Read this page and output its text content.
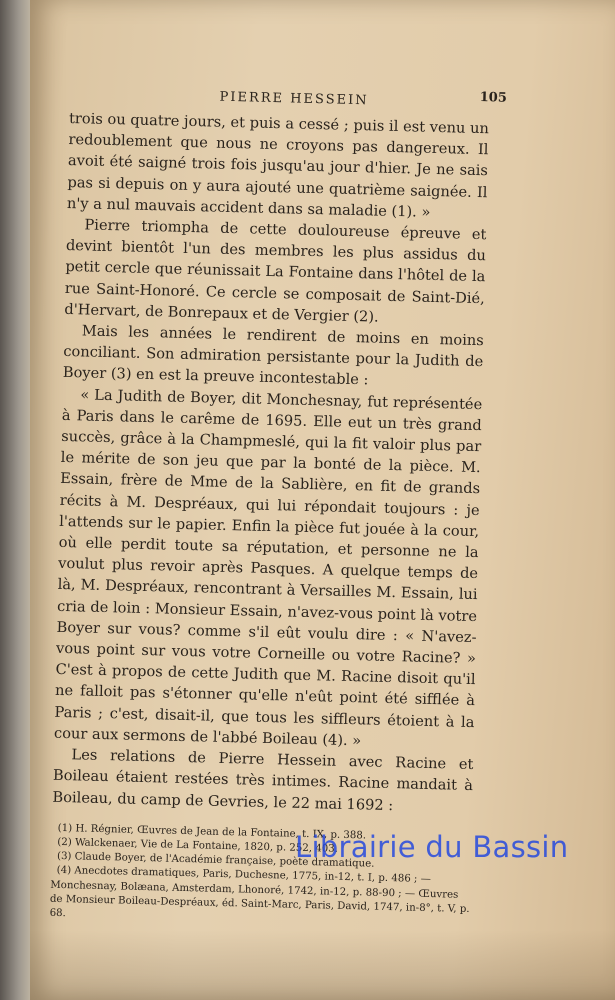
PIERRE HESSEIN	105

trois ou quatre jours, et puis a cessé ; puis il est venu un redoublement que nous ne croyons pas dangereux. Il avoit été saigné trois fois jusqu'au jour d'hier. Je ne sais pas si depuis on y aura ajouté une quatrième saignée. Il n'y a nul mauvais accident dans sa maladie (1). »

Pierre triompha de cette douloureuse épreuve et devint bientôt l'un des membres les plus assidus du petit cercle que réunissait La Fontaine dans l'hôtel de la rue Saint-Honoré. Ce cercle se composait de Saint-Dié, d'Hervart, de Bonrepaux et de Vergier (2).

Mais les années le rendirent de moins en moins conciliant. Son admiration persistante pour la Judith de Boyer (3) en est la preuve incontestable :

« La Judith de Boyer, dit Monchesnay, fut représentée à Paris dans le carême de 1695. Elle eut un très grand succès, grâce à la Champmeslé, qui la fit valoir plus par le mérite de son jeu que par la bonté de la pièce. M. Essain, frère de Mme de la Sablière, en fit de grands récits à M. Despréaux, qui lui répondait toujours : je l'attends sur le papier. Enfin la pièce fut jouée à la cour, où elle perdit toute sa réputation, et personne ne la voulut plus revoir après Pasques. A quelque temps de là, M. Despréaux, rencontrant à Versailles M. Essain, lui cria de loin : Monsieur Essain, n'avez-vous point là votre Boyer sur vous? comme s'il eût voulu dire : « N'avez-vous point sur vous votre Corneille ou votre Racine? » C'est à propos de cette Judith que M. Racine disoit qu'il ne falloit pas s'étonner qu'elle n'eût point été sifflée à Paris ; c'est, disait-il, que tous les siffleurs étoient à la cour aux sermons de l'abbé Boileau (4). »

Les relations de Pierre Hessein avec Racine et Boileau étaient restées très intimes. Racine mandait à Boileau, du camp de Gevries, le 22 mai 1692 :

(1) H. Régnier, Œuvres de Jean de la Fontaine, t. IX, p. 388.

(2) Walckenaer, Vie de La Fontaine, 1820, p. 252, 403.

(3) Claude Boyer, de l'Académie française, poète dramatique.

(4) Anecdotes dramatiques, Paris, Duchesne, 1775, in-12, t. I, p. 486 ; — Monchesnay, Bolæana, Amsterdam, Lhonoré, 1742, in-12, p. 88-90 ; — Œuvres de Monsieur Boileau-Despréaux, éd. Saint-Marc, Paris, David, 1747, in-8°, t. V, p. 68.

Librairie du Bassin
